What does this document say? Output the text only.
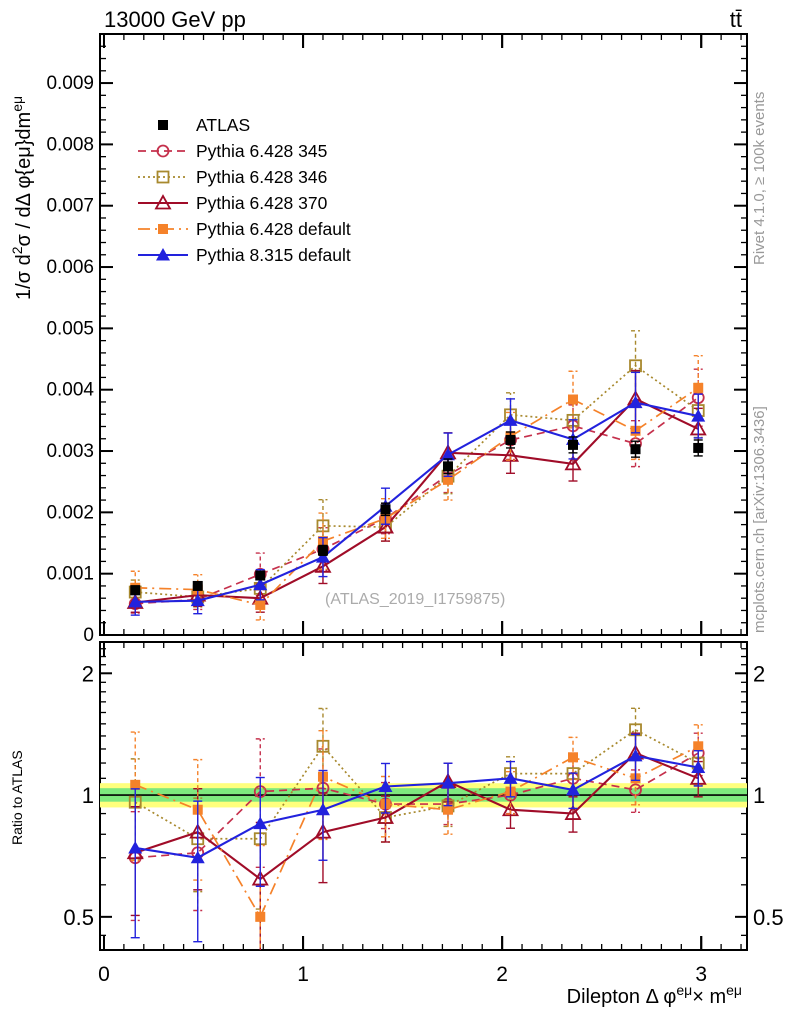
13000 GeV pp	tt̄
0
0.001
0.002
0.003
0.004
0.005
0.006
0.007
0.008
0.009
0.5	0.5
1	1
2	2
0	1	2	3
ATLAS
Pythia 6.428 345
Pythia 6.428 346
Pythia 6.428 370
Pythia 6.428 default
Pythia 8.315 default
1/σ $d^2\sigma$ / dΔ $\varphi\{e\mu\}dm^{e\mu}$
Ratio to ATLAS
Dilepton Δ $\varphi^{e\mu}\times m^{e\mu}$
Rivet 4.1.0, ≥ 100k events
mcplots.cern.ch [arXiv:1306.3436]
(ATLAS_2019_I1759875)
